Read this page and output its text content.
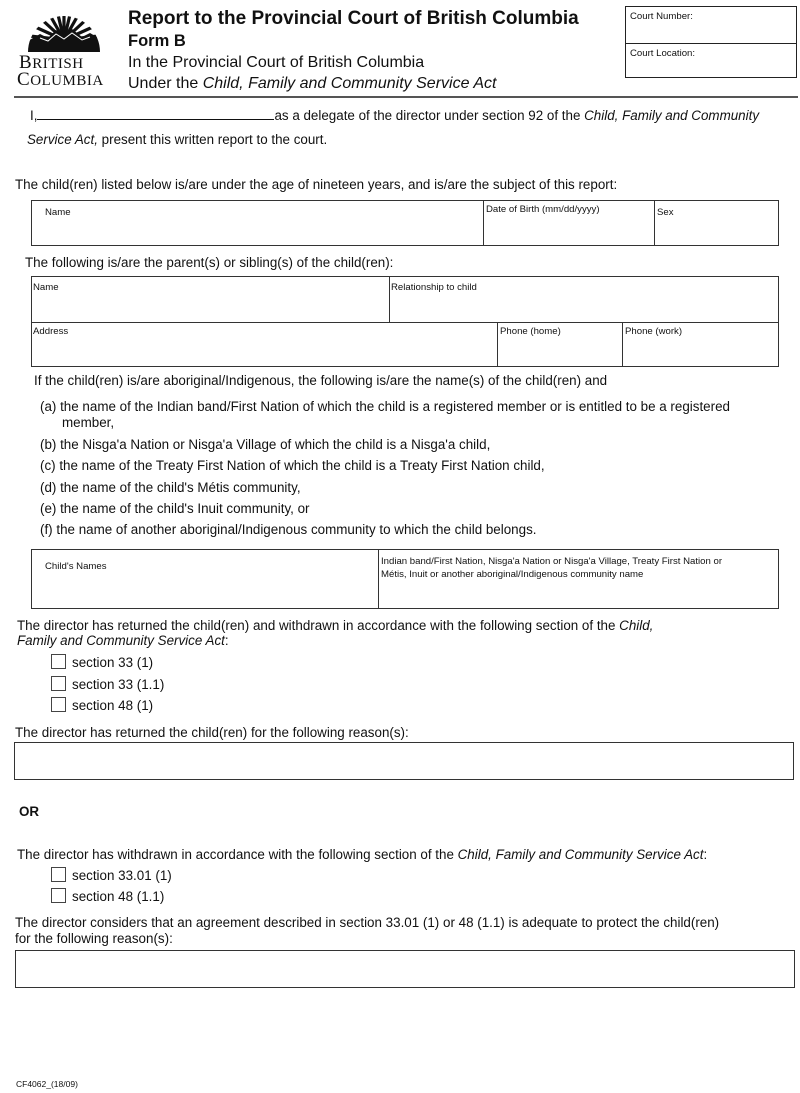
BRITISH
COLUMBIA
Report to the Provincial Court of British Columbia
Form B
In the Provincial Court of British Columbia
Under the Child, Family and Community Service Act
Court Number:
Court Location:
I,	as a delegate of the director under section 92 of the Child, Family and Community
Service Act, present this written report to the court.
The child(ren) listed below is/are under the age of nineteen years, and is/are the subject of this report:
Name	Date of Birth (mm/dd/yyyy)	Sex
The following is/are the parent(s) or sibling(s) of the child(ren):
Name	Relationship to child
Address	Phone (home)	Phone (work)
If the child(ren) is/are aboriginal/Indigenous, the following is/are the name(s) of the child(ren) and
(a) the name of the Indian band/First Nation of which the child is a registered member or is entitled to be a registered
member,
(b) the Nisga'a Nation or Nisga'a Village of which the child is a Nisga'a child,
(c) the name of the Treaty First Nation of which the child is a Treaty First Nation child,
(d) the name of the child's Métis community,
(e) the name of the child's Inuit community, or
(f) the name of another aboriginal/Indigenous community to which the child belongs.
Child's Names	Indian band/First Nation, Nisga'a Nation or Nisga'a Village, Treaty First Nation or
Métis, Inuit or another aboriginal/Indigenous community name
The director has returned the child(ren) and withdrawn in accordance with the following section of the Child,
Family and Community Service Act:
section 33 (1)
section 33 (1.1)
section 48 (1)
The director has returned the child(ren) for the following reason(s):
OR
The director has withdrawn in accordance with the following section of the Child, Family and Community Service Act:
section 33.01 (1)
section 48 (1.1)
The director considers that an agreement described in section 33.01 (1) or 48 (1.1) is adequate to protect the child(ren)
for the following reason(s):
CF4062_(18/09)
